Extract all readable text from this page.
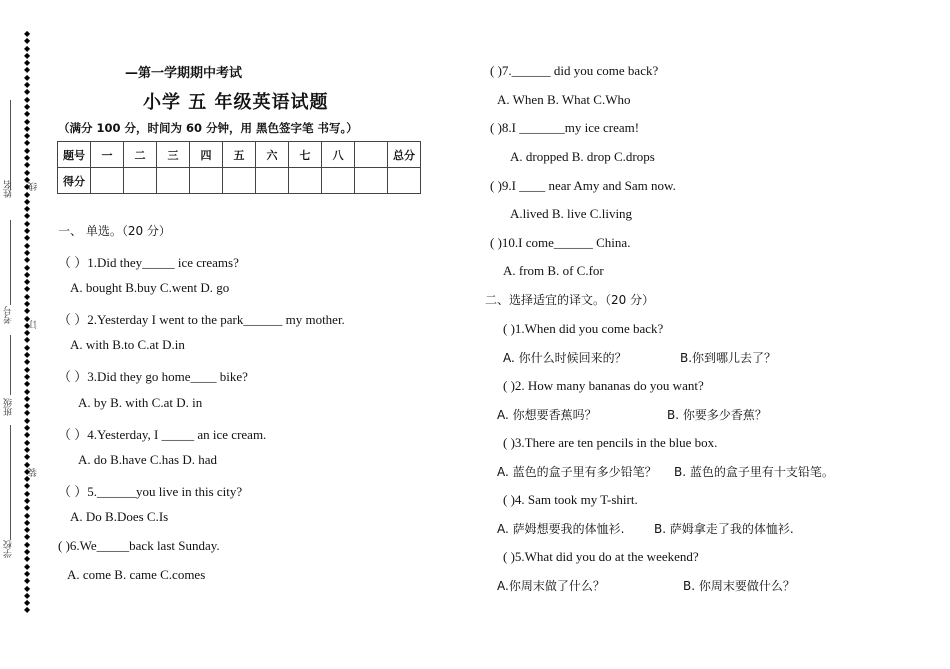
◆
◆
◆
◆
◆
◆
◆
◆
◆
◆
◆
◆
◆
◆
◆
◆
◆
◆
◆
◆
◆
◆
◆
◆
◆
◆
◆
◆
◆
◆
◆
◆
◆
◆
◆
◆
◆
◆
◆
◆
◆
◆
◆
◆
◆
◆
◆
◆
◆
◆
◆
◆
◆
◆
◆
◆
◆
◆
◆
◆
◆
◆
◆
◆
◆
◆
◆
◆
◆
◆
◆
◆
◆
◆
◆
◆
◆
◆
◆
◆

姓名
考号
班级
学校
线
订
装
—第一学期期中考试
小学 五 年级英语试题
（满分 100 分，时间为 60 分钟，用 黑色签字笔 书写。）
题号	一	二	三	四	五	六	七	八		总分
得分										
一、 单选。（20 分）
（ ）1.Did they_____ ice creams?
A. bought B.buy C.went D. go
（ ）2.Yesterday I went to the park______ my mother.
A. with B.to C.at D.in
（ ）3.Did they go home____ bike?
A. by B. with C.at D. in
（ ）4.Yesterday, I _____ an ice cream.
A. do B.have C.has D. had
（ ）5.______you live in this city?
A. Do B.Does C.Is
( )6.We_____back last Sunday.
A. come B. came C.comes
( )7.______ did you come back?
A. When B. What C.Who
( )8.I _______my ice cream!
A. dropped B. drop C.drops
( )9.I ____ near Amy and Sam now.
A.lived B. live C.living
( )10.I come______ China.
A. from B. of C.for
二、选择适宜的译文。（20 分）
( )1.When did you come back?
A. 你什么时候回来的？	B.你到哪儿去了？
( )2. How many bananas do you want?
A. 你想要香蕉吗？	B. 你要多少香蕉？
( )3.There are ten pencils in the blue box.
A. 蓝色的盒子里有多少铅笔？ B. 蓝色的盒子里有十支铅笔。
( )4. Sam took my T-shirt.
A. 萨姆想要我的体恤衫. B. 萨姆拿走了我的体恤衫.
( )5.What did you do at the weekend?
A.你周末做了什么？	B. 你周末要做什么？
